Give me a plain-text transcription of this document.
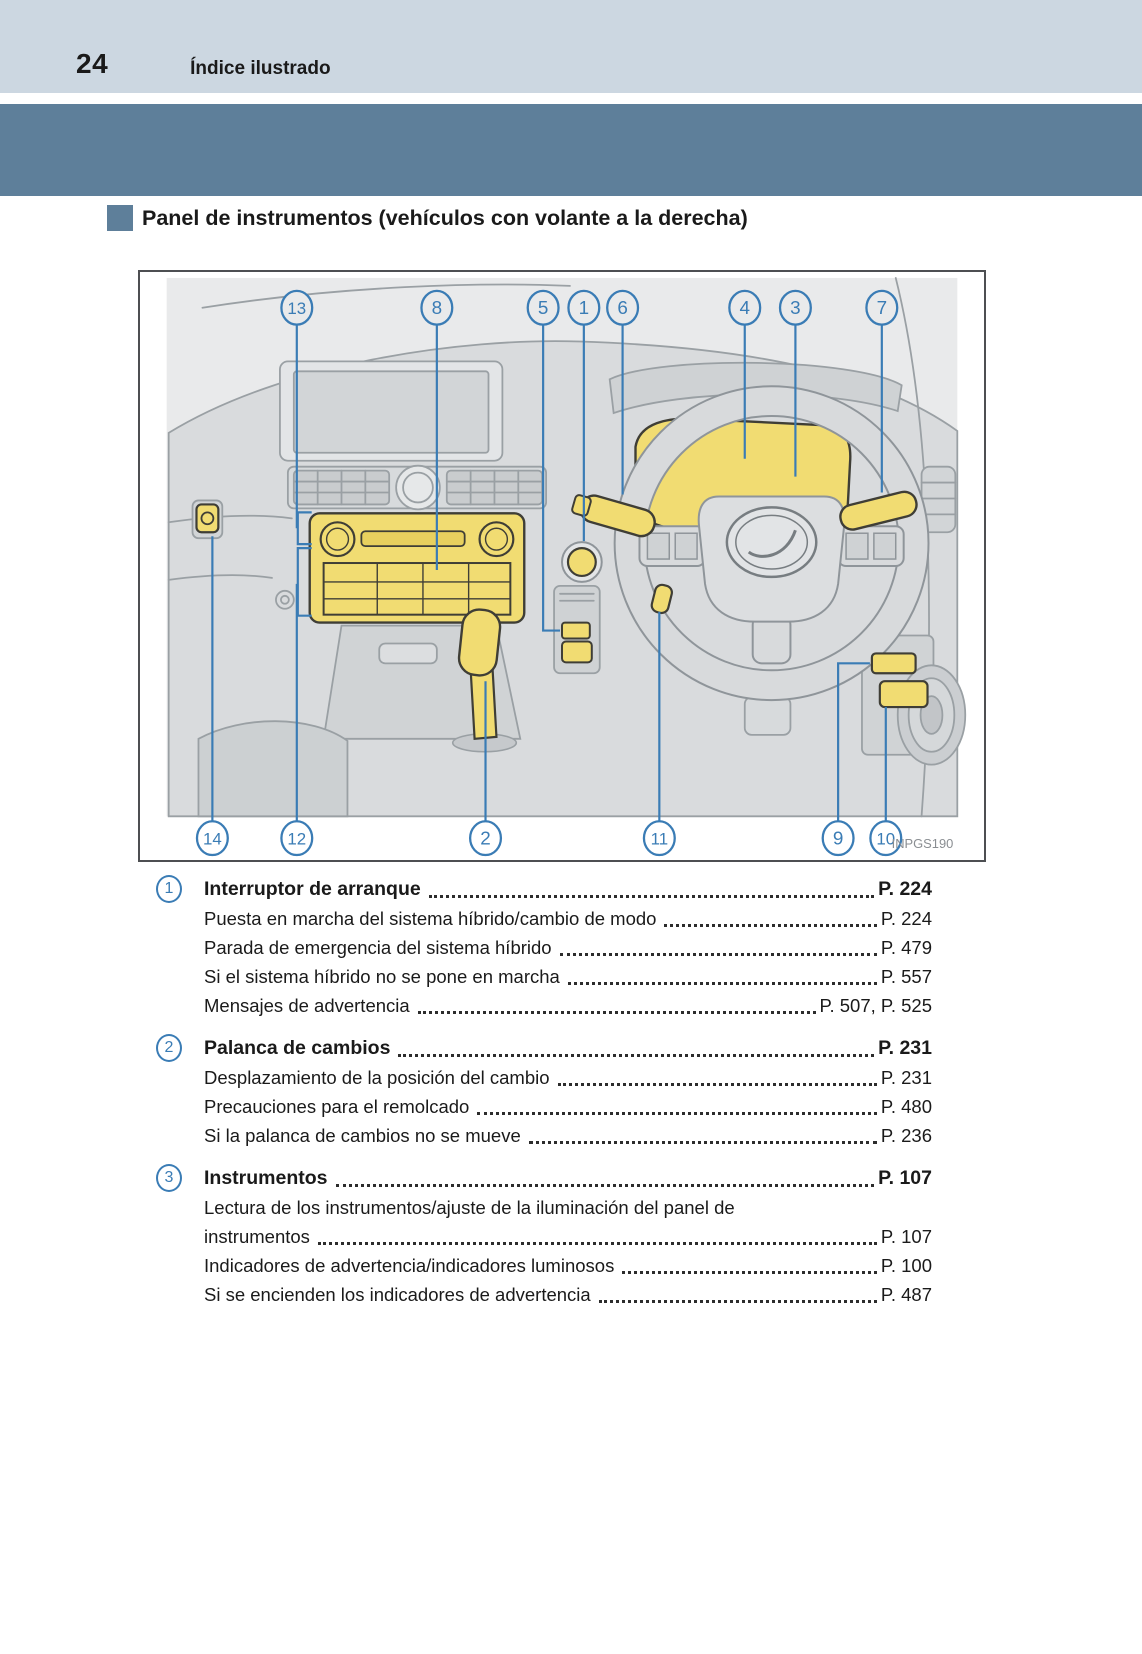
24	Índice ilustrado
Panel de instrumentos (vehículos con volante a la derecha)
13	8	5 1 6	4 3	7
14	12	2	11	9 10
INPGS190
1	Interruptor de arranque	P. 224
Puesta en marcha del sistema híbrido/cambio de modo	P. 224
Parada de emergencia del sistema híbrido	P. 479
Si el sistema híbrido no se pone en marcha	P. 557
Mensajes de advertencia	P. 507, P. 525
2	Palanca de cambios	P. 231
Desplazamiento de la posición del cambio	P. 231
Precauciones para el remolcado	P. 480
Si la palanca de cambios no se mueve	P. 236
3	Instrumentos	P. 107
Lectura de los instrumentos/ajuste de la iluminación del panel de
instrumentos	P. 107
Indicadores de advertencia/indicadores luminosos	P. 100
Si se encienden los indicadores de advertencia	P. 487
